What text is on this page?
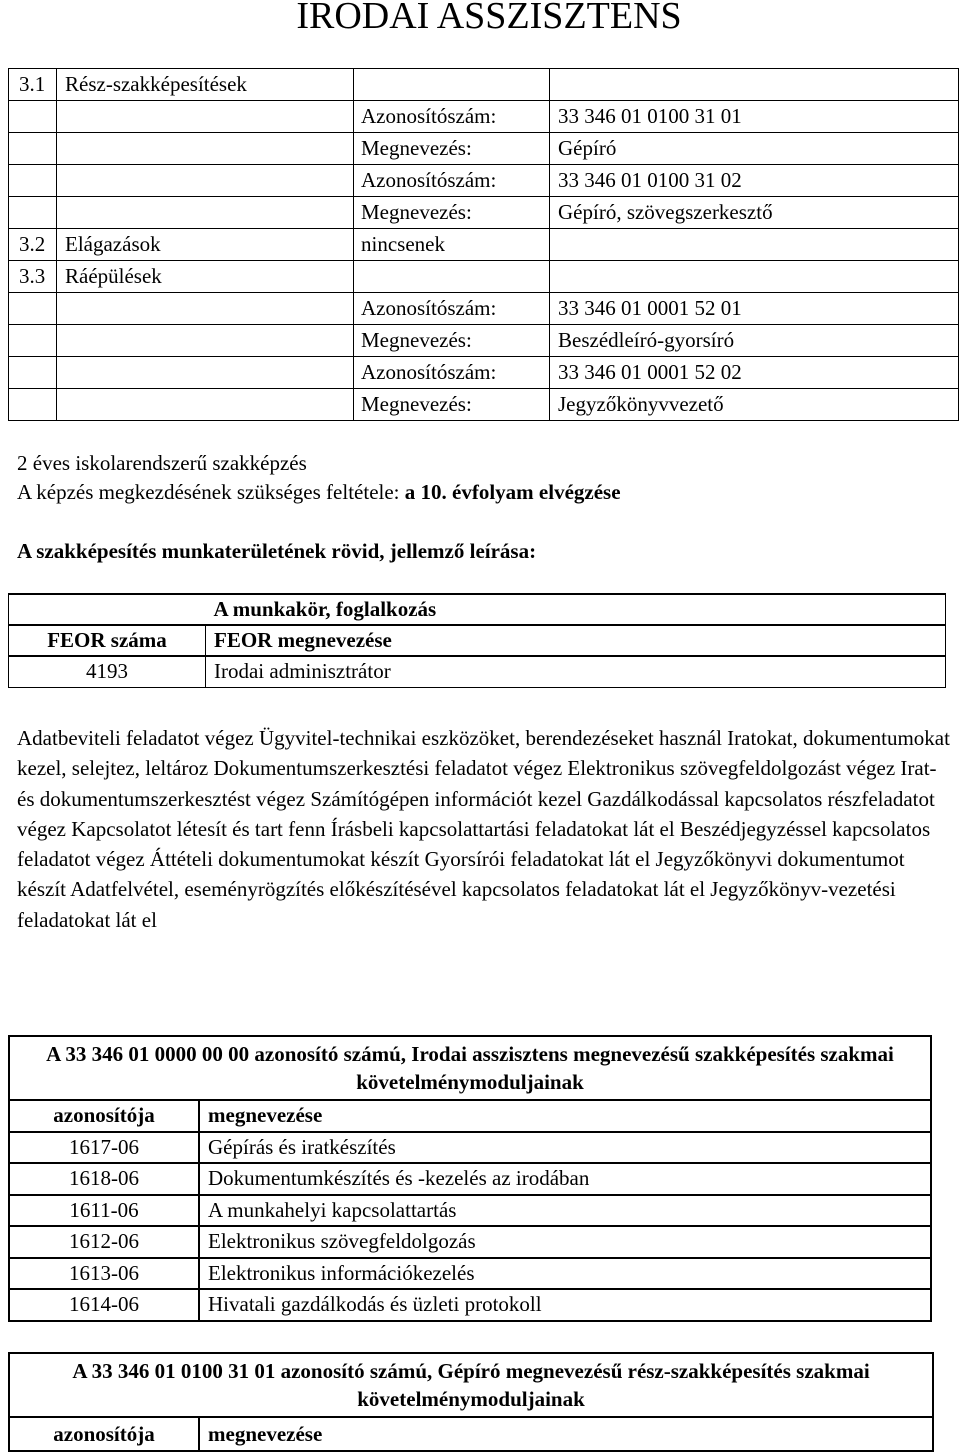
IRODAI ASSZISZTENS
3.1	Rész-szakképesítések		
		Azonosítószám:	33 346 01 0100 31 01
		Megnevezés:	Gépíró
		Azonosítószám:	33 346 01 0100 31 02
		Megnevezés:	Gépíró, szövegszerkesztő
3.2	Elágazások	nincsenek	
3.3	Ráépülések		
		Azonosítószám:	33 346 01 0001 52 01
		Megnevezés:	Beszédleíró-gyorsíró
		Azonosítószám:	33 346 01 0001 52 02
		Megnevezés:	Jegyzőkönyvvezető
2 éves iskolarendszerű szakképzés
A képzés megkezdésének szükséges feltétele: a 10. évfolyam elvégzése
A szakképesítés munkaterületének rövid, jellemző leírása:
	A munkakör, foglalkozás
FEOR száma	FEOR megnevezése
4193	Irodai adminisztrátor
Adatbeviteli feladatot végez Ügyvitel-technikai eszközöket, berendezéseket használ Iratokat, dokumentumokat kezel, selejtez, leltároz Dokumentumszerkesztési feladatot végez Elektronikus szövegfeldolgozást végez Irat- és dokumentumszerkesztést végez Számítógépen információt kezel Gazdálkodással kapcsolatos részfeladatot végez Kapcsolatot létesít és tart fenn Írásbeli kapcsolattartási feladatokat lát el Beszédjegyzéssel kapcsolatos feladatot végez Áttételi dokumentumokat készít Gyorsírói feladatokat lát el Jegyzőkönyvi dokumentumot készít Adatfelvétel, eseményrögzítés előkészítésével kapcsolatos feladatokat lát el Jegyzőkönyv-vezetési feladatokat lát el
A 33 346 01 0000 00 00 azonosító számú, Irodai asszisztens megnevezésű szakképesítés szakmai követelménymoduljainak	
azonosítója	megnevezése
1617-06	Gépírás és iratkészítés
1618-06	Dokumentumkészítés és -kezelés az irodában
1611-06	A munkahelyi kapcsolattartás
1612-06	Elektronikus szövegfeldolgozás
1613-06	Elektronikus információkezelés
1614-06	Hivatali gazdálkodás és üzleti protokoll
A 33 346 01 0100 31 01 azonosító számú, Gépíró megnevezésű rész-szakképesítés szakmai követelménymoduljainak
azonosítója	megnevezése
